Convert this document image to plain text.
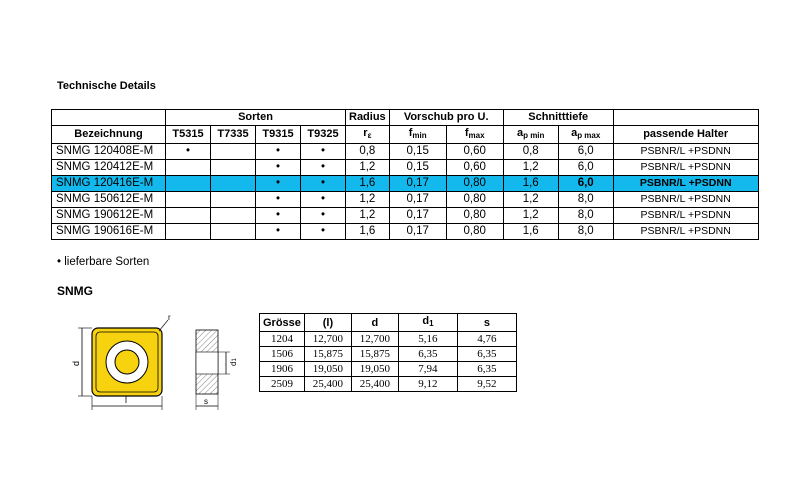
Technische Details
	Sorten				Radius	Vorschub pro U.		Schnitttiefe		
Bezeichnung	T5315	T7335	T9315	T9325	$r_\varepsilon$	$f_{min}$	$f_{max}$	$a_{p min}$	$a_{p max}$	passende Halter
SNMG 120408E-M	•		•	•	0,8	0,15	0,60	0,8	6,0	PSBNR/L +PSDNN
SNMG 120412E-M			•	•	1,2	0,15	0,60	1,2	6,0	PSBNR/L +PSDNN
SNMG 120416E-M			•	•	1,6	0,17	0,80	1,6	6,0	PSBNR/L +PSDNN
SNMG 150612E-M			•	•	1,2	0,17	0,80	1,2	8,0	PSBNR/L +PSDNN
SNMG 190612E-M			•	•	1,2	0,17	0,80	1,2	8,0	PSBNR/L +PSDNN
SNMG 190616E-M			•	•	1,6	0,17	0,80	1,6	8,0	PSBNR/L +PSDNN
• lieferbare Sorten
SNMG
d
l
r
d1
s
Grösse	(l)	d	$d_1$	s
1204	12,700	12,700	5,16	4,76
1506	15,875	15,875	6,35	6,35
1906	19,050	19,050	7,94	6,35
2509	25,400	25,400	9,12	9,52
